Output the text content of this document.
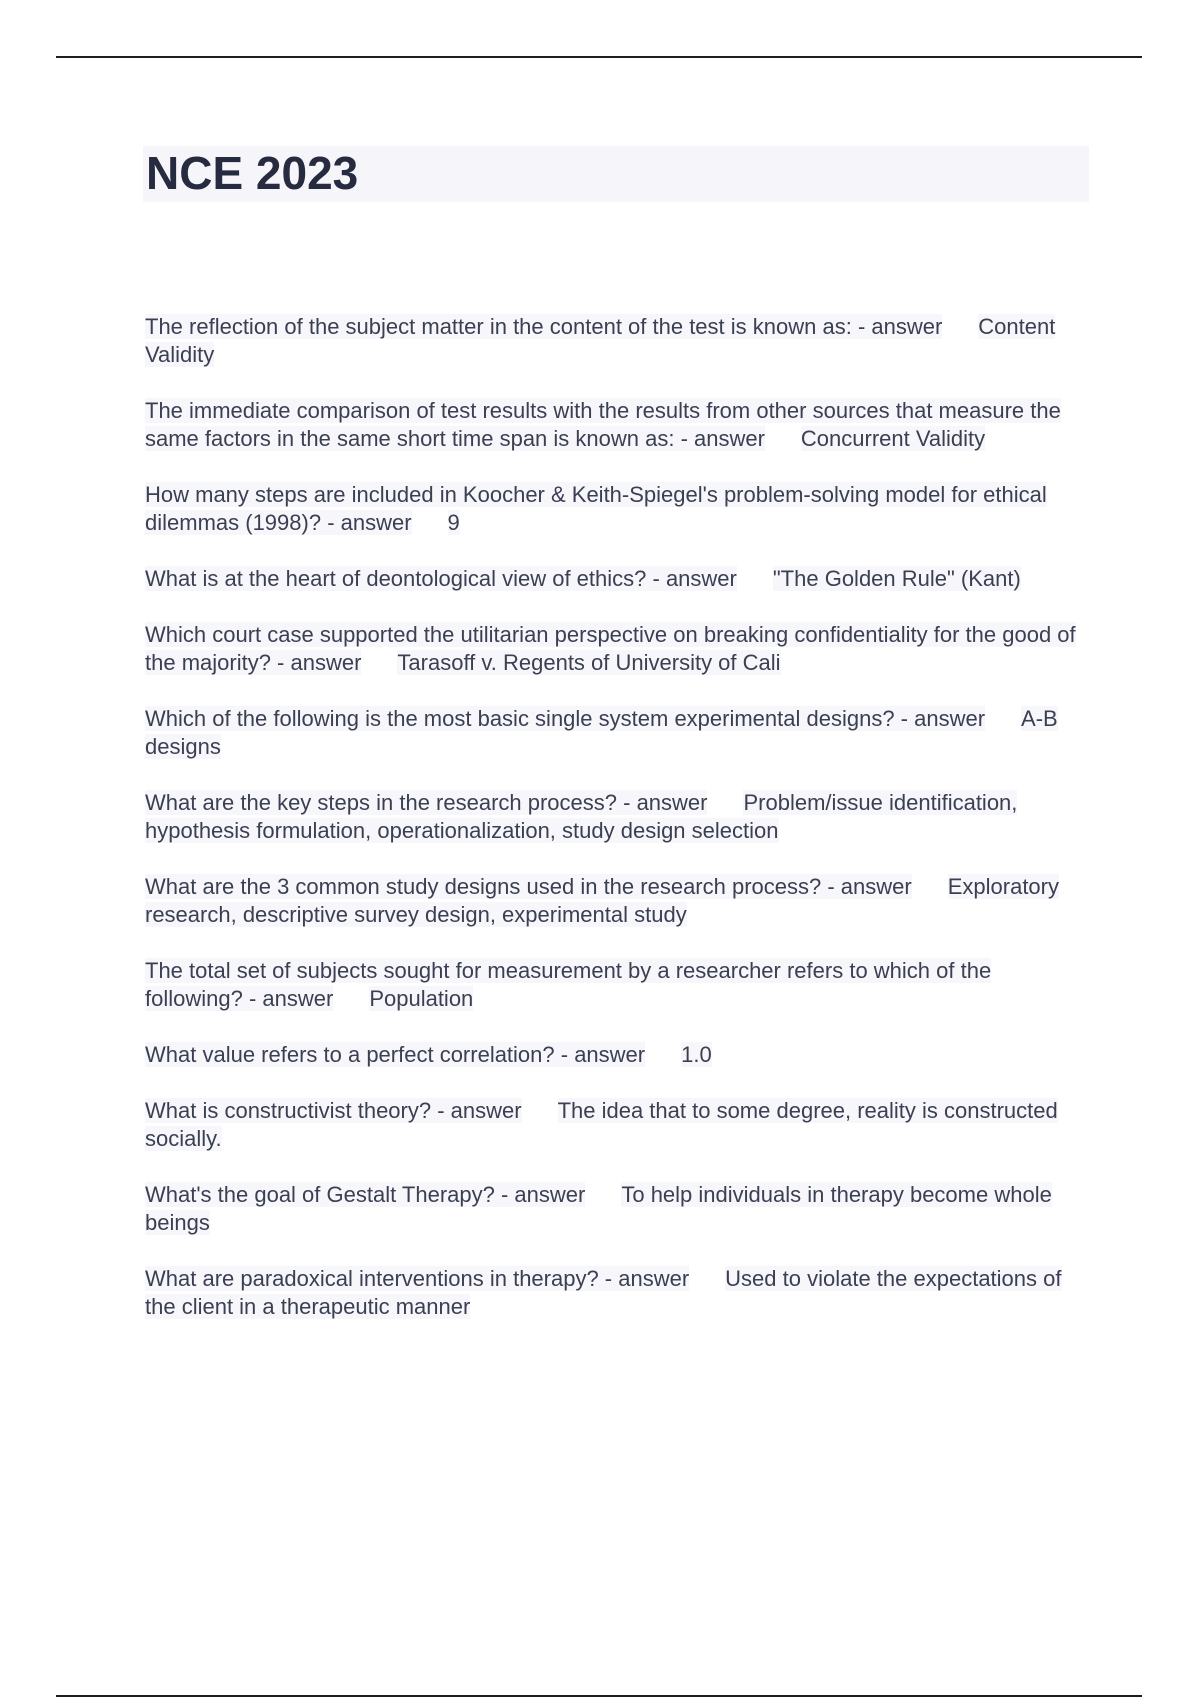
NCE 2023

The reflection of the subject matter in the content of the test is known as: - answer Content Validity

The immediate comparison of test results with the results from other sources that measure the same factors in the same short time span is known as: - answer Concurrent Validity

How many steps are included in Koocher & Keith-Spiegel's problem-solving model for ethical dilemmas (1998)? - answer 9

What is at the heart of deontological view of ethics? - answer "The Golden Rule" (Kant)

Which court case supported the utilitarian perspective on breaking confidentiality for the good of the majority? - answer Tarasoff v. Regents of University of Cali

Which of the following is the most basic single system experimental designs? - answer A-B designs

What are the key steps in the research process? - answer Problem/issue identification, hypothesis formulation, operationalization, study design selection

What are the 3 common study designs used in the research process? - answer Exploratory research, descriptive survey design, experimental study

The total set of subjects sought for measurement by a researcher refers to which of the following? - answer Population

What value refers to a perfect correlation? - answer 1.0

What is constructivist theory? - answer The idea that to some degree, reality is constructed socially.

What's the goal of Gestalt Therapy? - answer To help individuals in therapy become whole beings

What are paradoxical interventions in therapy? - answer Used to violate the expectations of the client in a therapeutic manner
